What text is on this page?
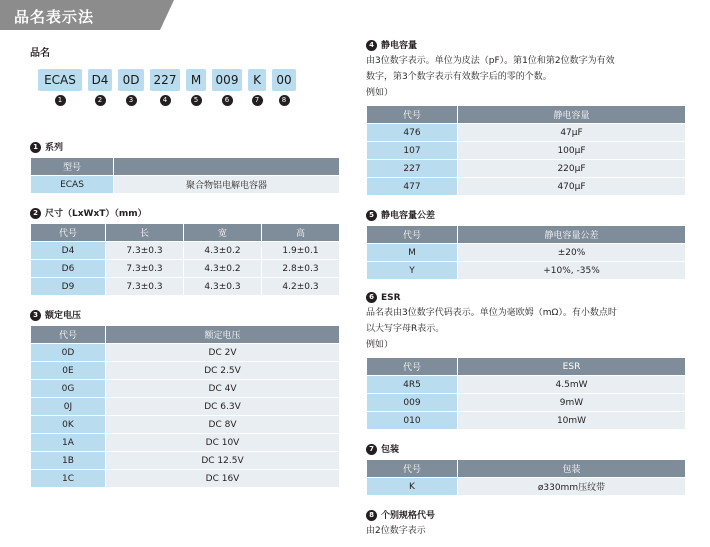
品名表示法
品名
ECAS	D4	0D	227	M	009	K	00
1	2	3	4	5	6	7	8
1 系列
型号	
ECAS	聚合物铝电解电容器
2 尺寸（LxWxT）（mm）
代号	长	宽	高
D4	7.3±0.3	4.3±0.2	1.9±0.1
D6	7.3±0.3	4.3±0.2	2.8±0.3
D9	7.3±0.3	4.3±0.3	4.2±0.3
3 额定电压
代号	额定电压
0D	DC 2V
0E	DC 2.5V
0G	DC 4V
0J	DC 6.3V
0K	DC 8V
1A	DC 10V
1B	DC 12.5V
1C	DC 16V
4 静电容量
由3位数字表示。单位为皮法（pF）。第1位和第2位数字为有效
数字，第3个数字表示有效数字后的零的个数。
例如）
代号	静电容量
476	47μF
107	100μF
227	220μF
477	470μF
5 静电容量公差
代号	静电容量公差
M	±20%
Y	+10%, -35%
6 ESR
品名表由3位数字代码表示。单位为毫欧姆（mΩ）。有小数点时
以大写字母R表示。
例如）
代号	ESR
4R5	4.5mW
009	9mW
010	10mW
7 包装
代号	包装
K	ø330mm压纹带
8 个别规格代号
由2位数字表示
